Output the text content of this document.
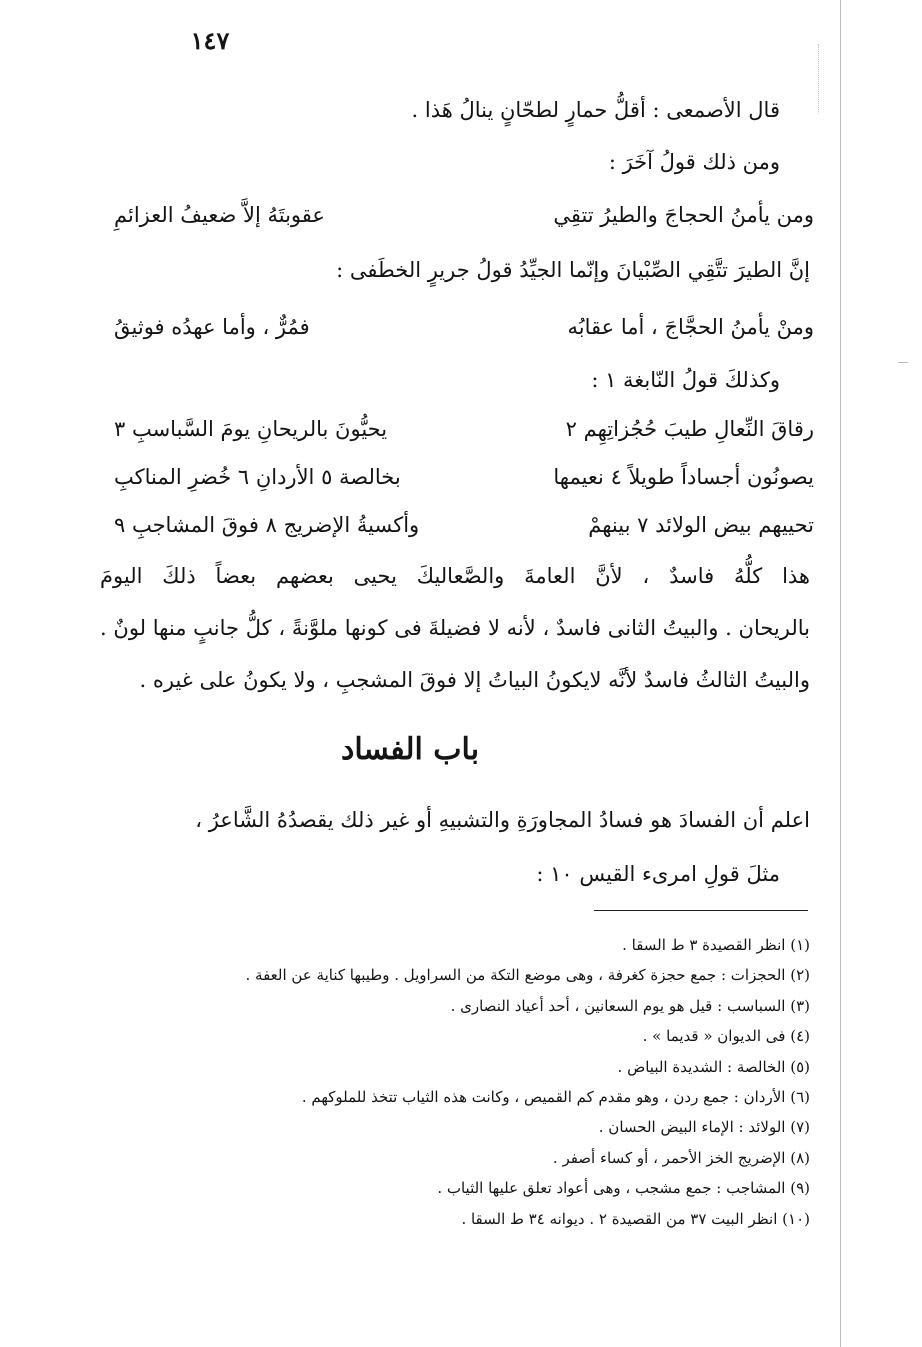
١٤٧
قال الأصمعى : أقلُّ حمارٍ لطحّانٍ ينالُ هَذا .
ومن ذلك قولُ آخَرَ :
ومن يأمنُ الحجاجَ والطيرُ تتقِي
عقوبتَهُ إلاَّ ضعيفُ العزائمِ
إنَّ الطيرَ تتَّقِي الصِّبْيانَ وإنّما الجيِّدُ قولُ جريرٍ الخطَفى :
ومنْ يأمنُ الحجَّاجَ ، أما عقابُه
فمُرٌّ ، وأما عهدُه فوثيقُ
وكذلكَ قولُ النّابغة ١ :
رقاقَ النِّعالِ طيبَ حُجُزاتِهِم ٢
يحيُّونَ بالريحانِ يومَ السَّباسبِ ٣
يصونُون أجساداً طويلاً ٤ نعيمها
بخالصة ٥ الأردانِ ٦ خُضرِ المناكبِ
تحييهم بيض الولائد ٧ بينهمْ
وأكسيةُ الإضريج ٨ فوقَ المشاجبِ ٩
هذا كلُّهُ فاسدٌ ، لأنَّ العامةَ والصَّعاليكَ يحيى بعضهم بعضاً ذلكَ اليومَ
بالريحان . والبيتُ الثانى فاسدٌ ، لأنه لا فضيلةَ فى كونها ملوَّنةً ، كلُّ جانبٍ منها لونٌ .
والبيتُ الثالثُ فاسدٌ لأنَّه لايكونُ البياتُ إلا فوقَ المشجبِ ، ولا يكونُ على غيره .
باب الفساد
اعلم أن الفسادَ هو فسادُ المجاورَةِ والتشبيهِ أو غير ذلك يقصدُهُ الشَّاعرُ ،
مثلَ قولِ امرىء القيس ١٠ :
(١) انظر القصيدة ٣ ط السقا .
(٢) الحجزات : جمع حجزة كغرفة ، وهى موضع التكة من السراويل . وطيبها كناية عن العفة .
(٣) السباسب : قيل هو يوم السعانين ، أحد أعياد النصارى .
(٤) فى الديوان « قديما » .
(٥) الخالصة : الشديدة البياض .
(٦) الأردان : جمع ردن ، وهو مقدم كم القميص ، وكانت هذه الثياب تتخذ للملوكهم .
(٧) الولائد : الإماء البيض الحسان .
(٨) الإضريج الخز الأحمر ، أو كساء أصفر .
(٩) المشاجب : جمع مشجب ، وهى أعواد تعلق عليها الثياب .
(١٠) انظر البيت ٣٧ من القصيدة ٢ . ديوانه ٣٤ ط السقا .
